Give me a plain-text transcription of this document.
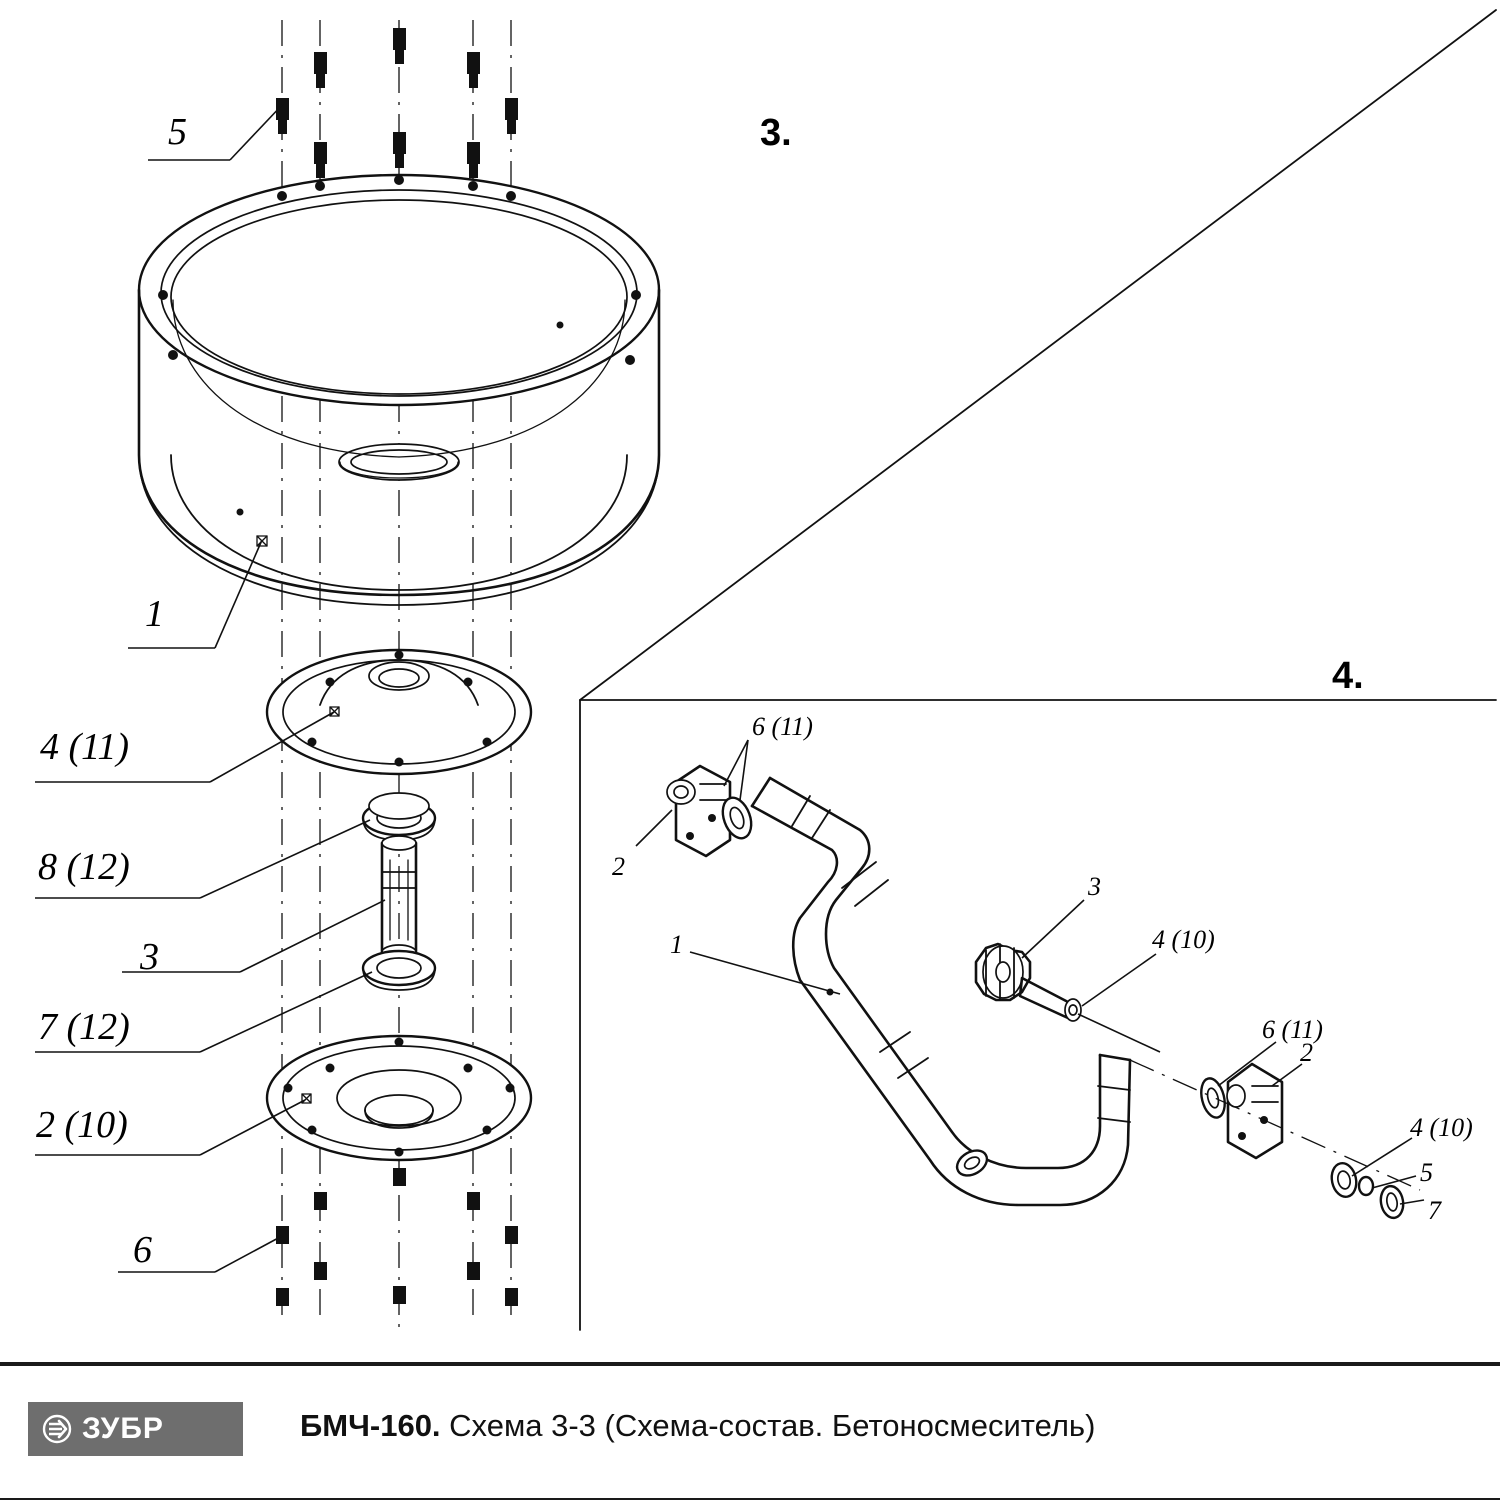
3.
4.
5
1
4 (11)
8 (12)
3
7 (12)
2 (10)
6
6 (11)
2
1
3
4 (10)
6 (11)
2
4 (10)
5
7
ЗУБР	БМЧ-160. Схема 3-3 (Схема-состав. Бетоносмеситель)
